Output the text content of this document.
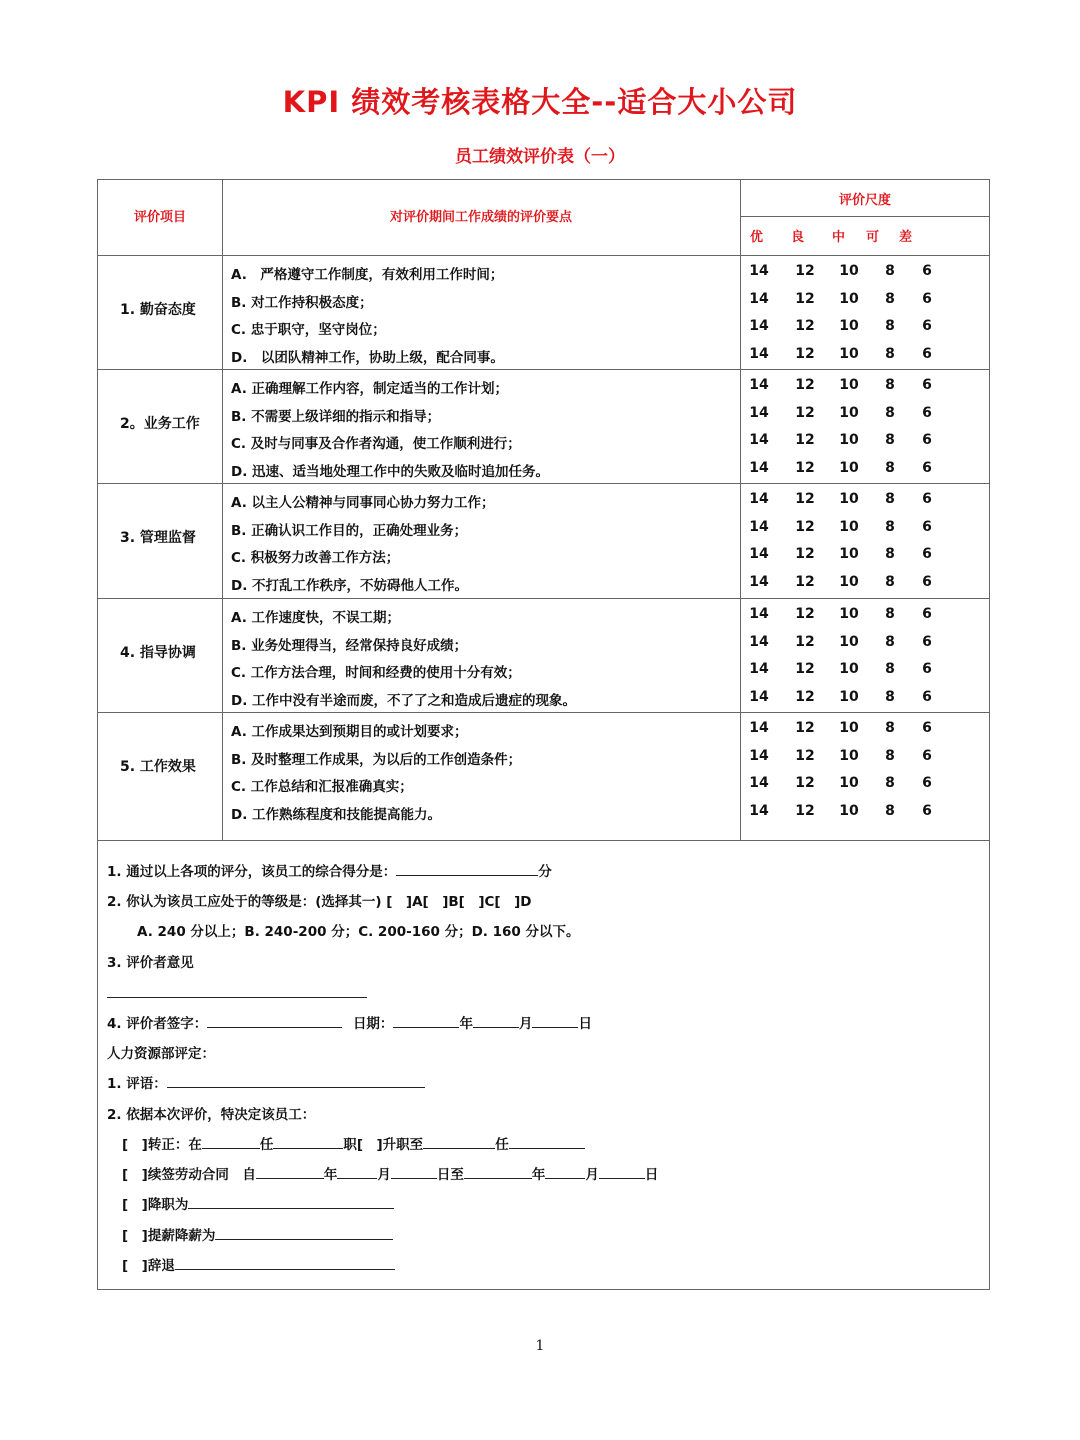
KPI 绩效考核表格大全--适合大小公司
员工绩效评价表（一）
评价项目	对评价期间工作成绩的评价要点
评价尺度
优 良 中 可 差
1. 勤奋态度
A.　严格遵守工作制度，有效利用工作时间；	14	12	10	8	6
B. 对工作持积极态度；	14	12	10	8	6
C. 忠于职守，坚守岗位；	14	12	10	8	6
D.　以团队精神工作，协助上级，配合同事。	14	12	10	8	6
2。业务工作
A. 正确理解工作内容，制定适当的工作计划；	14	12	10	8	6
B. 不需要上级详细的指示和指导；	14	12	10	8	6
C. 及时与同事及合作者沟通，使工作顺利进行；	14	12	10	8	6
D. 迅速、适当地处理工作中的失败及临时追加任务。	14	12	10	8	6
3. 管理监督
A. 以主人公精神与同事同心协力努力工作；	14	12	10	8	6
B. 正确认识工作目的，正确处理业务；	14	12	10	8	6
C. 积极努力改善工作方法；	14	12	10	8	6
D. 不打乱工作秩序，不妨碍他人工作。	14	12	10	8	6
4. 指导协调
A. 工作速度快，不误工期；	14	12	10	8	6
B. 业务处理得当，经常保持良好成绩；	14	12	10	8	6
C. 工作方法合理，时间和经费的使用十分有效；	14	12	10	8	6
D. 工作中没有半途而废，不了了之和造成后遗症的现象。	14	12	10	8	6
5. 工作效果
A. 工作成果达到预期目的或计划要求；	14	12	10	8	6
B. 及时整理工作成果，为以后的工作创造条件；	14	12	10	8	6
C. 工作总结和汇报准确真实；	14	12	10	8	6
D. 工作熟练程度和技能提高能力。	14	12	10	8	6
1. 通过以上各项的评分，该员工的综合得分是：	分
2. 你认为该员工应处于的等级是：(选择其一) [　]A[　]B[　]C[　]D
A. 240 分以上；B. 240-200 分；C. 200-160 分；D. 160 分以下。
3. 评价者意见
4. 评价者签字：	日期：	年	月	日
人力资源部评定：
1. 评语：
2. 依据本次评价，特决定该员工：
[　]转正：在	任	职[　]升职至	任
[　]续签劳动合同　自	年	月	日至	年	月	日
[　]降职为
[　]提薪降薪为
[　]辞退
1
